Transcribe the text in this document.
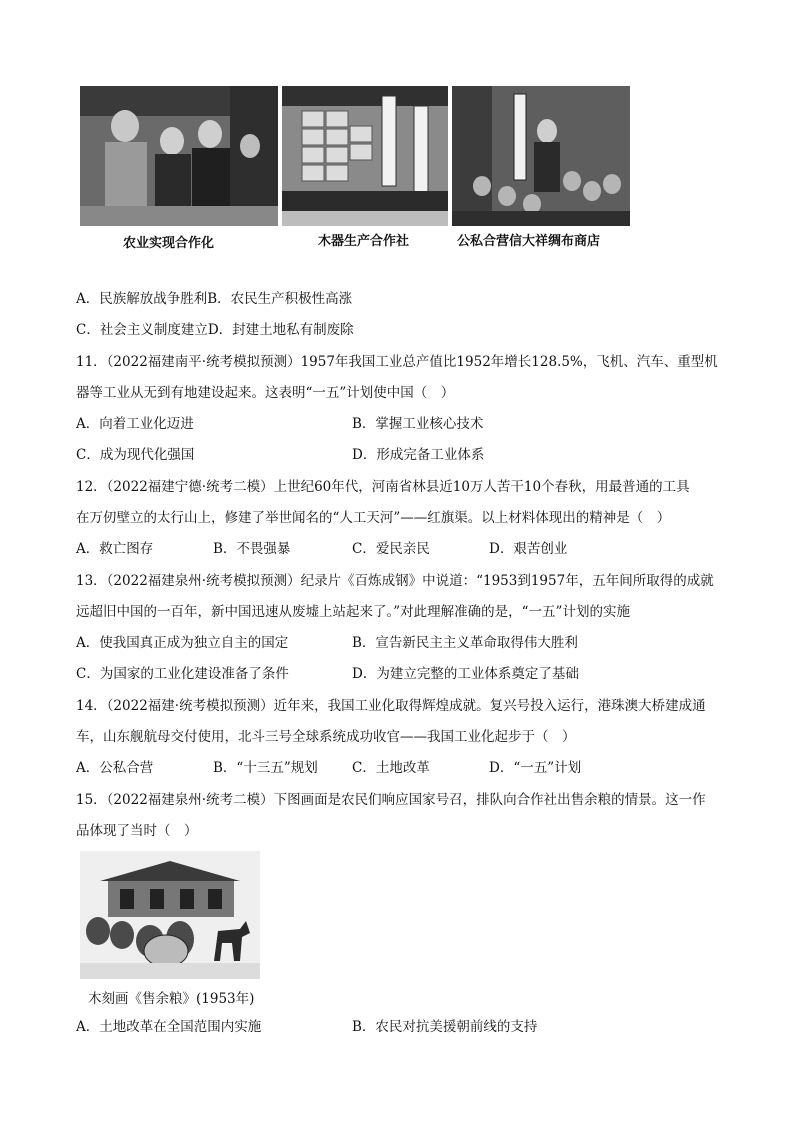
农业实现合作化	木器生产合作社	公私合营信大祥绸布商店
A．民族解放战争胜利B．农民生产积极性高涨
C．社会主义制度建立D．封建土地私有制废除
11．（2022福建南平·统考模拟预测）1957年我国工业总产值比1952年增长128.5%，飞机、汽车、重型机
器等工业从无到有地建设起来。这表明“一五”计划使中国（　）
A．向着工业化迈进	B．掌握工业核心技术
C．成为现代化强国	D．形成完备工业体系
12．（2022福建宁德·统考二模）上世纪60年代，河南省林县近10万人苦干10个春秋，用最普通的工具
在万仞壁立的太行山上，修建了举世闻名的“人工天河”——红旗渠。以上材料体现出的精神是（　）
A．救亡图存	B．不畏强暴	C．爱民亲民	D．艰苦创业
13．（2022福建泉州·统考模拟预测）纪录片《百炼成钢》中说道：“1953到1957年，五年间所取得的成就
远超旧中国的一百年，新中国迅速从废墟上站起来了。”对此理解准确的是，“一五”计划的实施
A．使我国真正成为独立自主的国定	B．宣告新民主主义革命取得伟大胜利
C．为国家的工业化建设准备了条件	D．为建立完整的工业体系奠定了基础
14．（2022福建·统考模拟预测）近年来，我国工业化取得辉煌成就。复兴号投入运行，港珠澳大桥建成通
车，山东舰航母交付使用，北斗三号全球系统成功收官——我国工业化起步于（　）
A．公私合营	B．“十三五”规划	C．土地改革	D．“一五”计划
15．（2022福建泉州·统考二模）下图画面是农民们响应国家号召，排队向合作社出售余粮的情景。这一作
品体现了当时（　）
木刻画《售余粮》(1953年)
A．土地改革在全国范围内实施	B．农民对抗美援朝前线的支持
